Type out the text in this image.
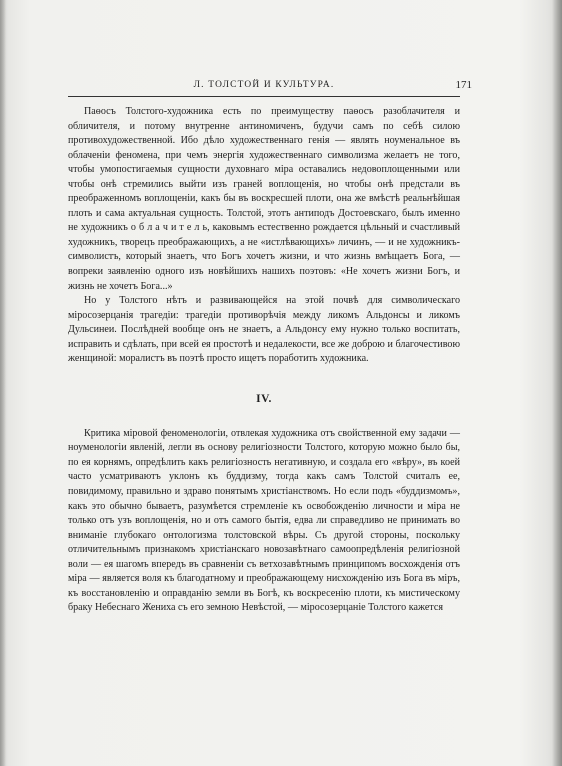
Л. ТОЛСТОЙ И КУЛЬТУРА.	171

Паѳосъ Толстого-художника есть по преимуществу паѳосъ разоблачителя и обличителя, и потому внутренне антиномиченъ, будучи самъ по себѣ силою противохудожественной. Ибо дѣло художественнаго генія — являть ноуменальное въ облаченіи феномена, при чемъ энергія художественнаго символизма желаетъ не того, чтобы умопостигаемыя сущности духовнаго міра оставались недовоплощенными или чтобы онѣ стремились выйти изъ граней воплощенія, но чтобы онѣ предстали въ преображенномъ воплощеніи, какъ бы въ воскресшей плоти, она же вмѣстѣ реальнѣйшая плоть и сама актуальная сущность. Толстой, этотъ антиподъ Достоевскаго, былъ именно не художникъ о б л а ч и т е л ь, каковымъ естественно рождается цѣльный и счастливый художникъ, творецъ преображающихъ, а не «истлѣвающихъ» личинъ, — и не художникъ-символистъ, который знаетъ, что Богъ хочетъ жизни, и что жизнь вмѣщаетъ Бога, — вопреки заявленію одного изъ новѣйшихъ нашихъ поэтовъ: «Не хочетъ жизни Богъ, и жизнь не хочетъ Бога...»

Но у Толстого нѣтъ и развивающейся на этой почвѣ для символическаго міросозерцанія трагедіи: трагедіи противорѣчія между ликомъ Альдонсы и ликомъ Дульсинеи. Послѣдней вообще онъ не знаетъ, а Альдонсу ему нужно только воспитать, исправить и сдѣлать, при всей ея простотѣ и недалекости, все же доброю и благочестивою женщиной: моралистъ въ поэтѣ просто ищетъ поработить художника.

IV.

Критика міровой феноменологіи, отвлекая художника отъ свойственной ему задачи — ноуменологіи явленій, легли въ основу религіозности Толстого, которую можно было бы, по ея корнямъ, опредѣлить какъ религіозность негативную, и создала его «вѣру», въ коей часто усматриваютъ уклонъ къ буддизму, тогда какъ самъ Толстой считалъ ее, повидимому, правильно и здраво понятымъ христіанствомъ. Но если подъ «буддизмомъ», какъ это обычно бываетъ, разумѣется стремленіе къ освобожденію личности и міра не только отъ узъ воплощенія, но и отъ самого бытія, едва ли справедливо не принимать во вниманіе глубокаго онтологизма толстовской вѣры. Съ другой стороны, поскольку отличительнымъ признакомъ христіанскаго новозавѣтнаго самоопредѣленія религіозной воли — ея шагомъ впередъ въ сравненіи съ ветхозавѣтнымъ принципомъ восхожденія отъ міра — является воля къ благодатному и преображающему нисхожденію изъ Бога въ міръ, къ восстановленію и оправданію земли въ Богѣ, къ воскресенію плоти, къ мистическому браку Небеснаго Жениха съ его земною Невѣстой, — міросозерцаніе Толстого кажется
